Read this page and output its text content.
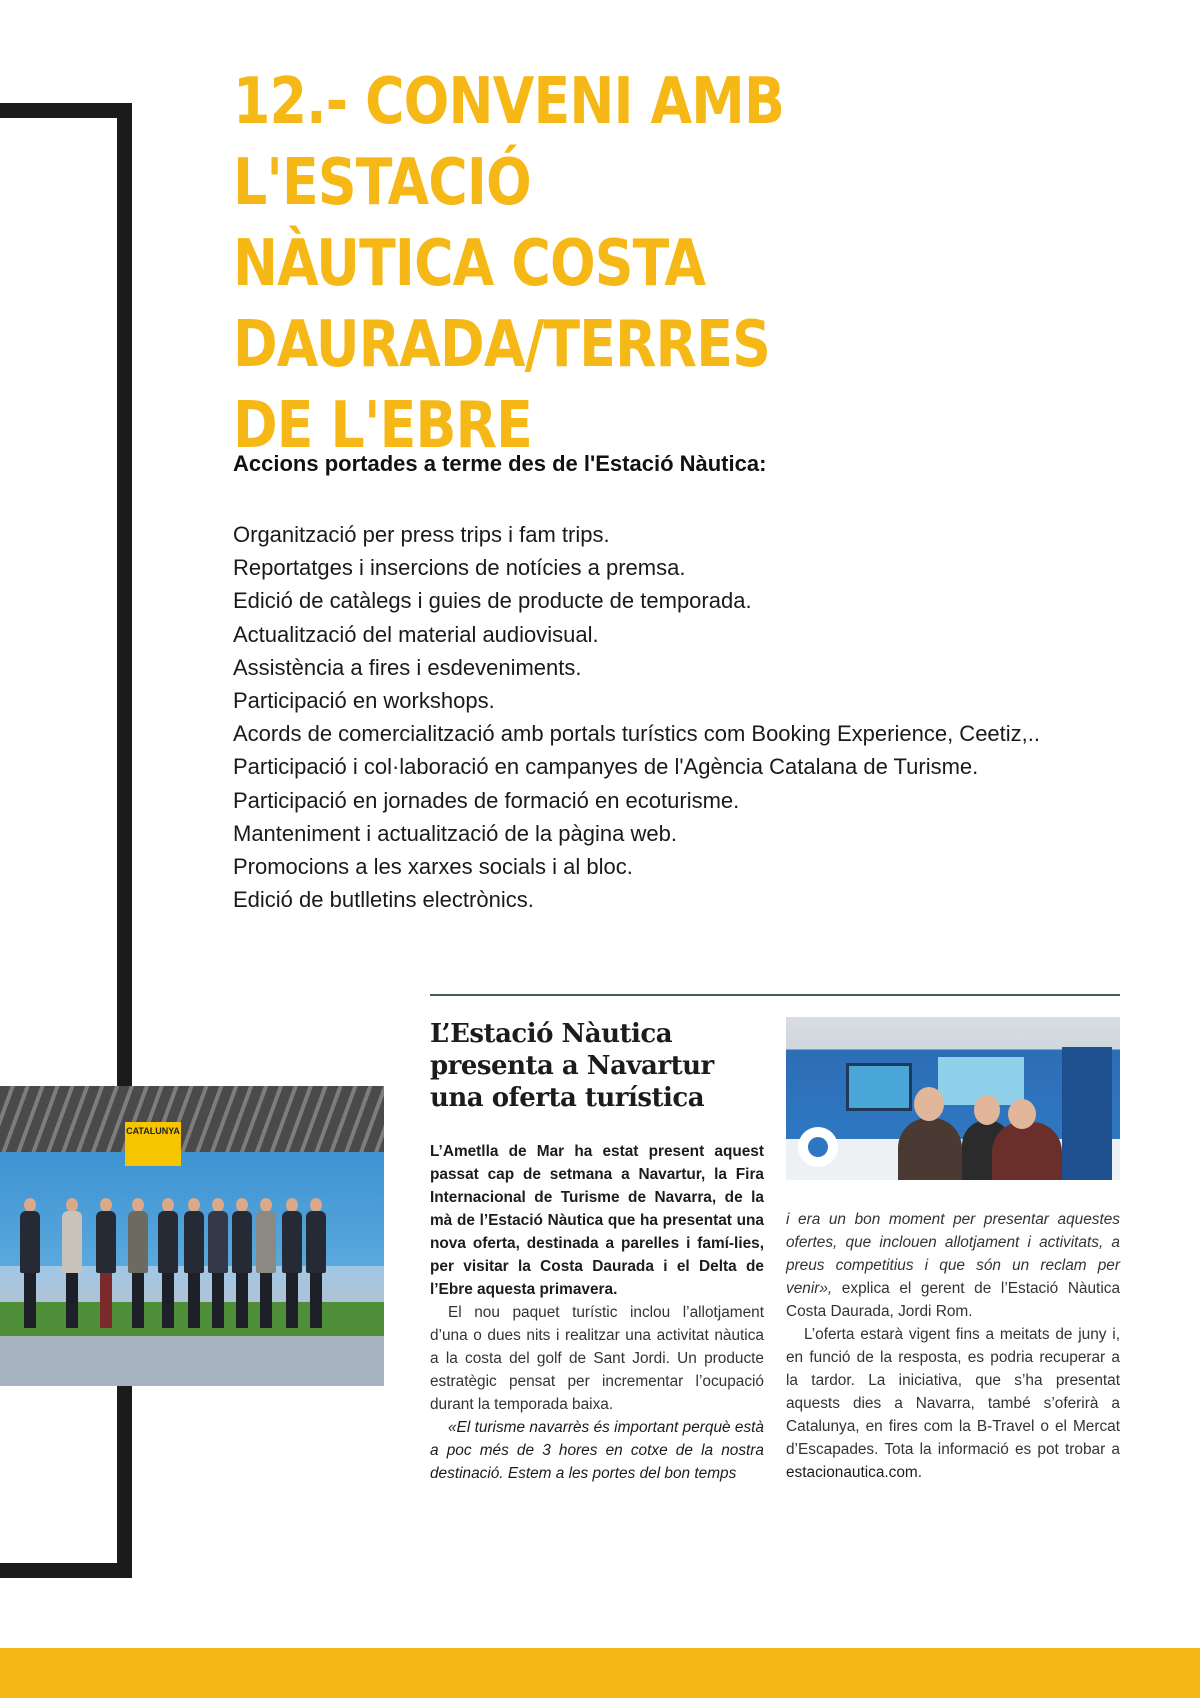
12.- CONVENI AMB L'ESTACIÓ
NÀUTICA COSTA DAURADA/TERRES
DE L'EBRE

Accions portades a terme des de l'Estació Nàutica:

Organització per press trips i fam trips.
Reportatges i insercions de notícies a premsa.
Edició de catàlegs i guies de producte de temporada.
Actualització del material audiovisual.
Assistència a fires i esdeveniments.
Participació en workshops.
Acords de comercialització amb portals turístics com Booking Experience, Ceetiz,..
Participació i col·laboració en campanyes de l'Agència Catalana de Turisme.
Participació en jornades de formació en ecoturisme.
Manteniment i actualització de la pàgina web.
Promocions a les xarxes socials i al bloc.
Edició de butlletins electrònics.
L’Estació Nàutica presenta a Navartur una oferta turística

L’Ametlla de Mar ha estat present aquest passat cap de setmana a Navartur, la Fira Internacional de Turisme de Navarra, de la mà de l’Estació Nàutica que ha presentat una nova oferta, destinada a parelles i famí-lies, per visitar la Costa Daurada i el Delta de l’Ebre aquesta primavera.

El nou paquet turístic inclou l’allotjament d’una o dues nits i realitzar una activitat nàutica a la costa del golf de Sant Jordi. Un producte estratègic pensat per incrementar l’ocupació durant la temporada baixa.

«El turisme navarrès és important perquè està a poc més de 3 hores en cotxe de la nostra destinació. Estem a les portes del bon temps

i era un bon moment per presentar aquestes ofertes, que inclouen allotjament i activitats, a preus competitius i que són un reclam per venir», explica el gerent de l’Estació Nàutica Costa Daurada, Jordi Rom.

L’oferta estarà vigent fins a meitats de juny i, en funció de la resposta, es podria recuperar a la tardor. La iniciativa, que s’ha presentat aquests dies a Navarra, també s’oferirà a Catalunya, en fires com la B-Travel o el Mercat d’Escapades. Tota la informació es pot trobar a estacionautica.com.

CATALUNYA
